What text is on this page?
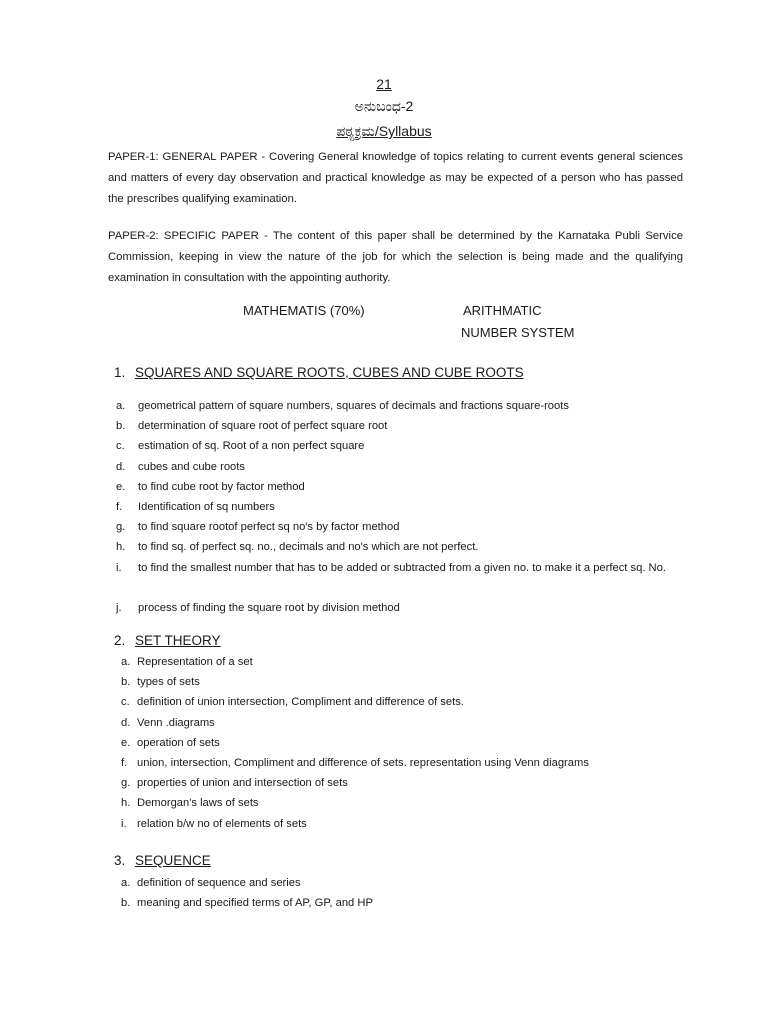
21
ಅನುಬಂಧ-2
ಪಠ್ಯಕ್ರಮ/Syllabus
PAPER-1: GENERAL PAPER - Covering General knowledge of topics relating to current events general sciences and matters of every day observation and practical knowledge as may be expected of a person who has passed the prescribes qualifying examination.
PAPER-2: SPECIFIC PAPER - The content of this paper shall be determined by the Karnataka Publi Service Commission, keeping in view the nature of the job for which the selection is being made and the qualifying examination in consultation with the appointing authority.
MATHEMATIS (70%)	ARITHMATIC
NUMBER SYSTEM
1. SQUARES AND SQUARE ROOTS, CUBES AND CUBE ROOTS
a. geometrical pattern of square numbers, squares of decimals and fractions square-roots
b. determination of square root of perfect square root
c. estimation of sq. Root of a non perfect square
d. cubes and cube roots
e. to find cube root by factor method
f. Identification of sq numbers
g. to find square rootof perfect sq no's by factor method
h. to find sq. of perfect sq. no., decimals and no's which are not perfect.
i. to find the smallest number that has to be added or subtracted from a given no. to make it a perfect sq. No.
j. process of finding the square root by division method
2. SET THEORY
a. Representation of a set
b. types of sets
c. definition of union intersection, Compliment and difference of sets.
d. Venn .diagrams
e. operation of sets
f. union, intersection, Compliment and difference of sets. representation using Venn diagrams
g. properties of union and intersection of sets
h. Demorgan's laws of sets
i. relation b/w no of elements of sets
3. SEQUENCE
a. definition of sequence and series
b. meaning and specified terms of AP, GP, and HP
